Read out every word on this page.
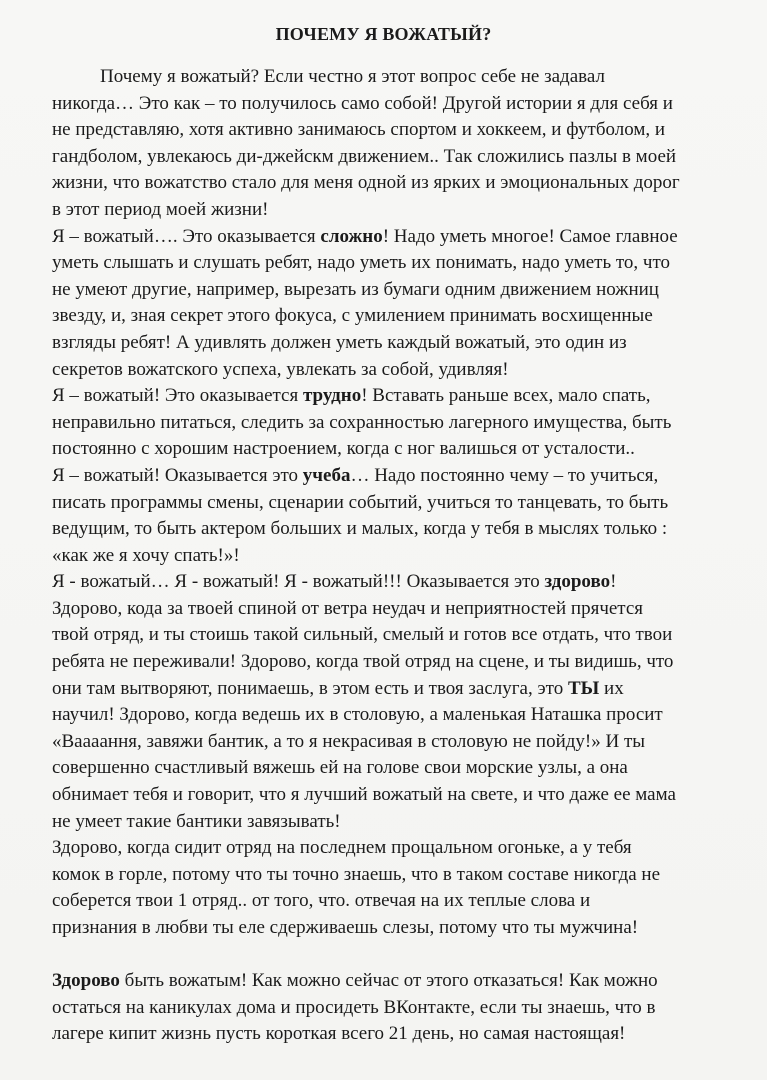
ПОЧЕМУ Я ВОЖАТЫЙ?
Почему я вожатый? Если честно я этот вопрос себе не задавал
никогда… Это как – то получилось само собой! Другой истории я для себя и
не представляю, хотя активно занимаюсь спортом и хоккеем, и футболом, и
гандболом, увлекаюсь ди-джейскм движением.. Так сложились пазлы в моей
жизни, что вожатство стало для меня одной из ярких и эмоциональных дорог
в этот период моей жизни!
Я – вожатый…. Это оказывается сложно! Надо уметь многое! Самое главное
уметь слышать и слушать ребят, надо уметь их понимать, надо уметь то, что
не умеют другие, например, вырезать из бумаги одним движением ножниц
звезду, и, зная секрет этого фокуса, с умилением принимать восхищенные
взгляды ребят! А удивлять должен уметь каждый вожатый, это один из
секретов вожатского успеха, увлекать за собой, удивляя!
Я – вожатый! Это оказывается трудно! Вставать раньше всех, мало спать,
неправильно питаться, следить за сохранностью лагерного имущества, быть
постоянно с хорошим настроением, когда с ног валишься от усталости..
Я – вожатый! Оказывается это учеба… Надо постоянно чему – то учиться,
писать программы смены, сценарии событий, учиться то танцевать, то быть
ведущим, то быть актером больших и малых, когда у тебя в мыслях только :
«как же я хочу спать!»!
Я - вожатый… Я - вожатый! Я - вожатый!!! Оказывается это здорово!
Здорово, кода за твоей спиной от ветра неудач и неприятностей прячется
твой отряд, и ты стоишь такой сильный, смелый и готов все отдать, что твои
ребята не переживали! Здорово, когда твой отряд на сцене, и ты видишь, что
они там вытворяют, понимаешь, в этом есть и твоя заслуга, это ТЫ их
научил! Здорово, когда ведешь их в столовую, а маленькая Наташка просит
«Ваааання, завяжи бантик, а то я некрасивая в столовую не пойду!» И ты
совершенно счастливый вяжешь ей на голове свои морские узлы, а она
обнимает тебя и говорит, что я лучший вожатый на свете, и что даже ее мама
не умеет такие бантики завязывать!
Здорово, когда сидит отряд на последнем прощальном огоньке, а у тебя
комок в горле, потому что ты точно знаешь, что в таком составе никогда не
соберется твои 1 отряд.. от того, что. отвечая на их теплые слова и
признания в любви ты еле сдерживаешь слезы, потому что ты мужчина!
Здорово быть вожатым! Как можно сейчас от этого отказаться! Как можно
остаться на каникулах дома и просидеть ВКонтакте, если ты знаешь, что в
лагере кипит жизнь пусть короткая всего 21 день, но самая настоящая!
